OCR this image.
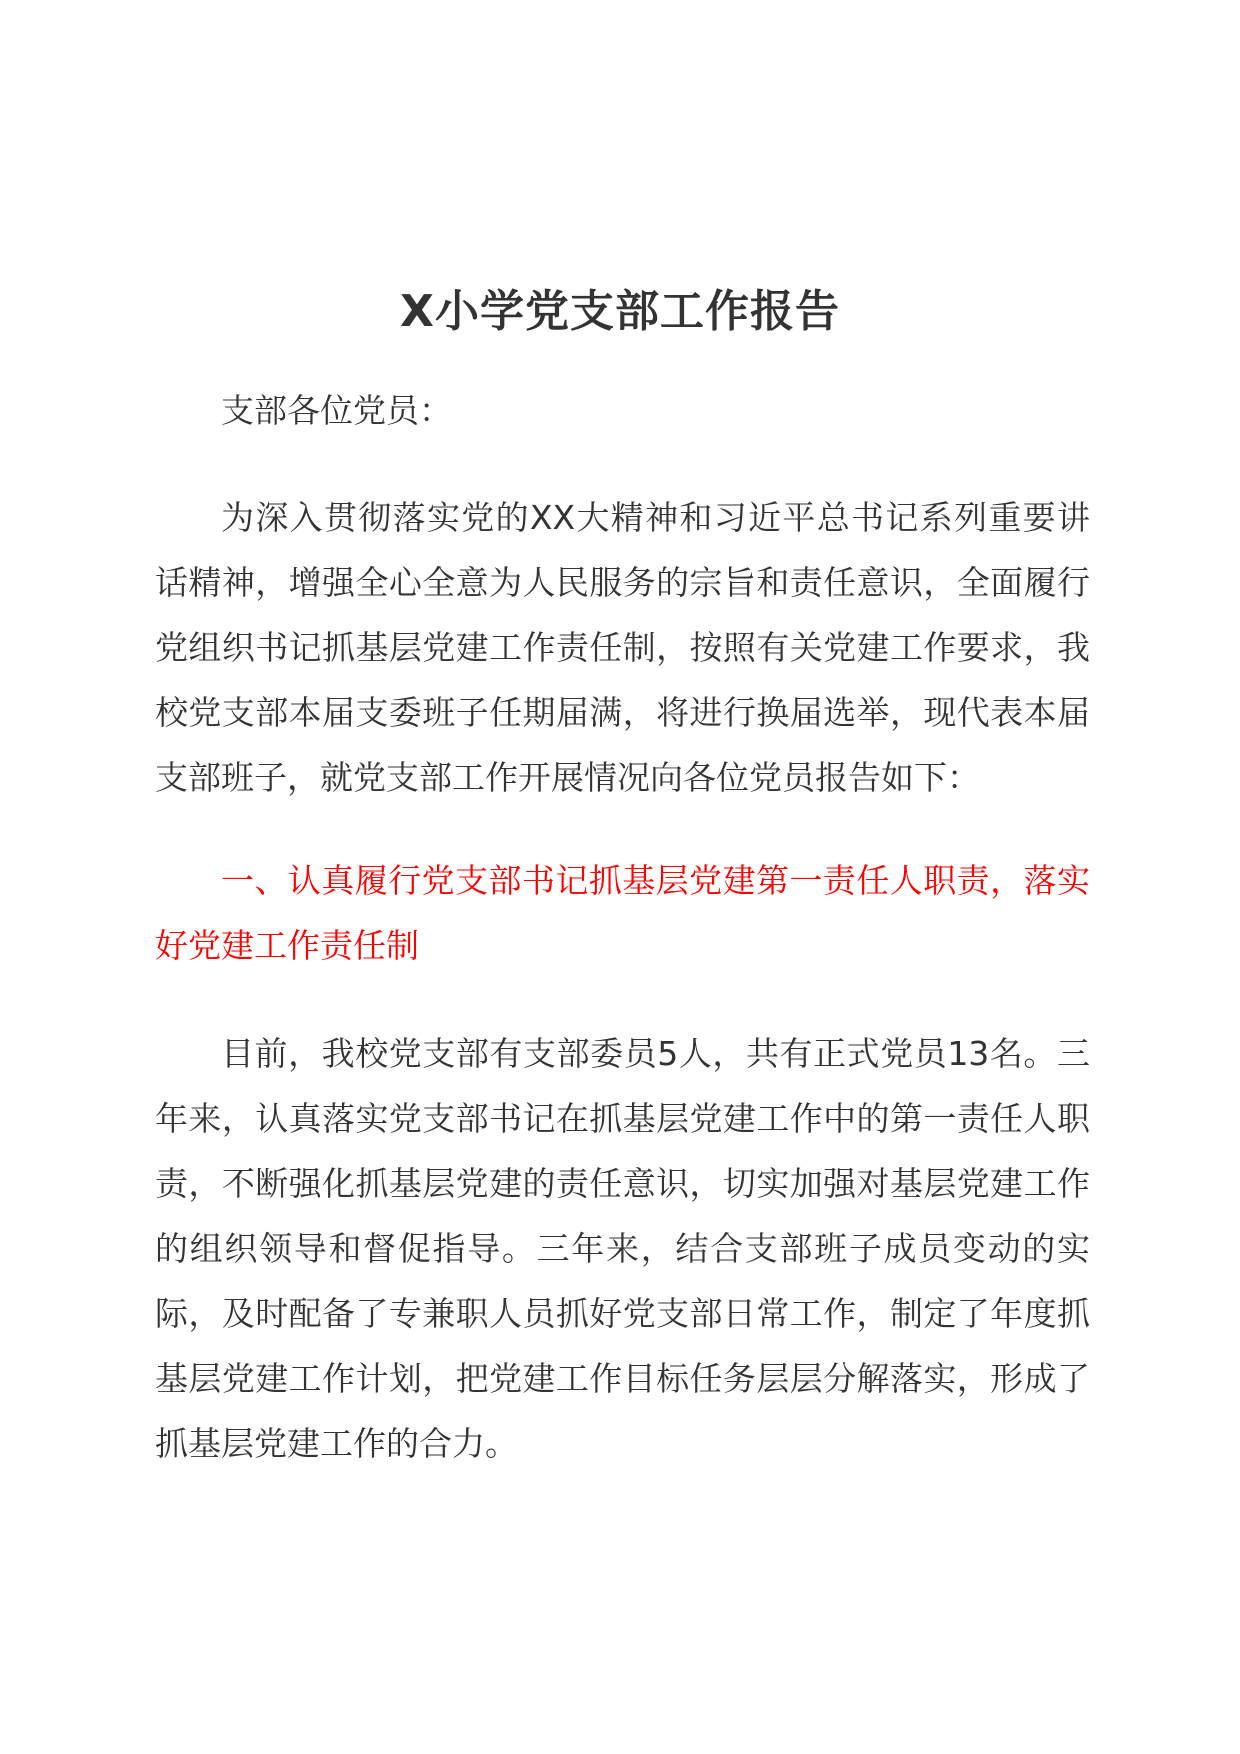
X小学党支部工作报告

支部各位党员：

为深入贯彻落实党的XX大精神和习近平总书记系列重要讲话精神，增强全心全意为人民服务的宗旨和责任意识，全面履行党组织书记抓基层党建工作责任制，按照有关党建工作要求，我校党支部本届支委班子任期届满，将进行换届选举，现代表本届支部班子，就党支部工作开展情况向各位党员报告如下：

一、认真履行党支部书记抓基层党建第一责任人职责，落实好党建工作责任制

目前，我校党支部有支部委员5人，共有正式党员13名。三年来，认真落实党支部书记在抓基层党建工作中的第一责任人职责，不断强化抓基层党建的责任意识，切实加强对基层党建工作的组织领导和督促指导。三年来，结合支部班子成员变动的实际，及时配备了专兼职人员抓好党支部日常工作，制定了年度抓基层党建工作计划，把党建工作目标任务层层分解落实，形成了抓基层党建工作的合力。
